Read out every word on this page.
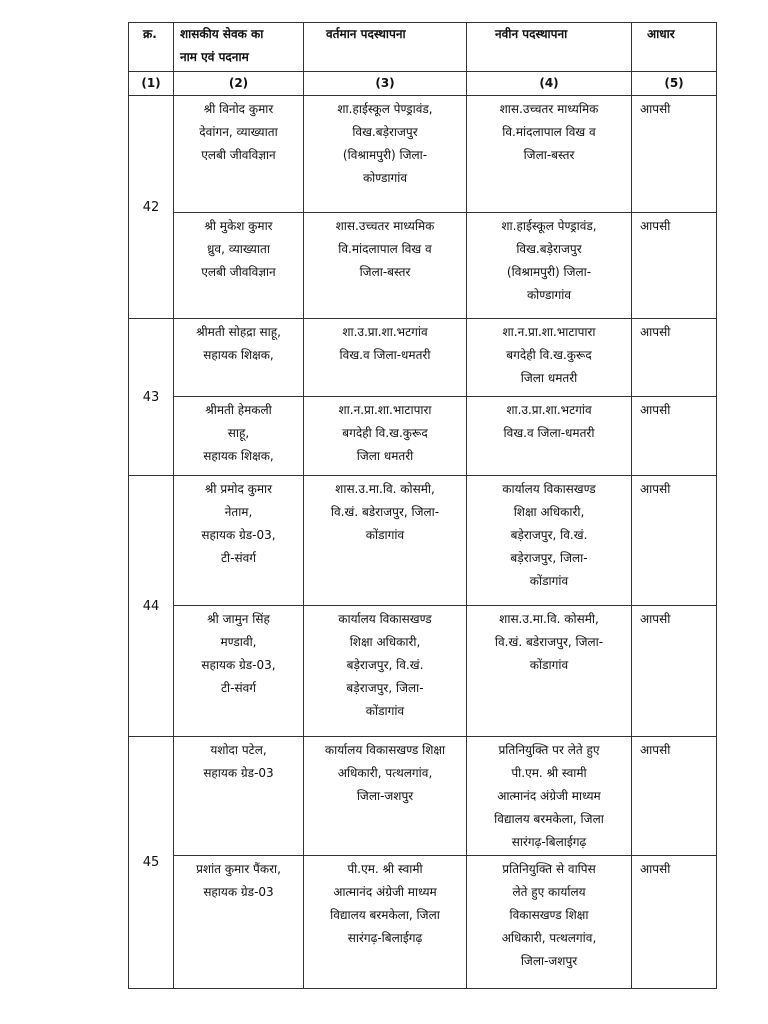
क्र.	शासकीय सेवक का
नाम एवं पदनाम	वर्तमान पदस्थापना	नवीन पदस्थापना	आधार
(1)	(2)	(3)	(4)	(5)
42	श्री विनोद कुमार
देवांगन, व्याख्याता
एलबी जीवविज्ञान	शा.हाईस्कूल पेण्ड्रावंड,
विख.बड़ेराजपुर
(विश्रामपुरी) जिला-
कोण्डागांव	शास.उच्चतर माध्यमिक
वि.मांदलापाल विख व
जिला-बस्तर	आपसी
	श्री मुकेश कुमार
ध्रुव, व्याख्याता
एलबी जीवविज्ञान	शास.उच्चतर माध्यमिक
वि.मांदलापाल विख व
जिला-बस्तर	शा.हाईस्कूल पेण्ड्रावंड,
विख.बड़ेराजपुर
(विश्रामपुरी) जिला-
कोण्डागांव	आपसी
43	श्रीमती सोहद्रा साहू,
सहायक शिक्षक,	शा.उ.प्रा.शा.भटगांव
विख.व जिला-धमतरी	शा.न.प्रा.शा.भाटापारा
बगदेही वि.ख.कुरूद
जिला धमतरी	आपसी
	श्रीमती हेमकली
साहू,
सहायक शिक्षक,	शा.न.प्रा.शा.भाटापारा
बगदेही वि.ख.कुरूद
जिला धमतरी	शा.उ.प्रा.शा.भटगांव
विख.व जिला-धमतरी	आपसी
44	श्री प्रमोद कुमार
नेताम,
सहायक ग्रेड-03,
टी-संवर्ग	शास.उ.मा.वि. कोसमी,
वि.खं. बडेराजपुर, जिला-
कोंडागांव	कार्यालय विकासखण्ड
शिक्षा अधिकारी,
बड़ेराजपुर, वि.खं.
बड़ेराजपुर, जिला-
कोंडागांव	आपसी
	श्री जामुन सिंह
मण्डावी,
सहायक ग्रेड-03,
टी-संवर्ग	कार्यालय विकासखण्ड
शिक्षा अधिकारी,
बड़ेराजपुर, वि.खं.
बड़ेराजपुर, जिला-
कोंडागांव	शास.उ.मा.वि. कोसमी,
वि.खं. बडेराजपुर, जिला-
कोंडागांव	आपसी
45	यशोदा पटेल,
सहायक ग्रेड-03	कार्यालय विकासखण्ड शिक्षा
अधिकारी, पत्थलगांव,
जिला-जशपुर	प्रतिनियुक्ति पर लेते हुए
पी.एम. श्री स्वामी
आत्मानंद अंग्रेजी माध्यम
विद्यालय बरमकेला, जिला
सारंगढ़-बिलाईगढ़	आपसी
	प्रशांत कुमार पैंकरा,
सहायक ग्रेड-03	पी.एम. श्री स्वामी
आत्मानंद अंग्रेजी माध्यम
विद्यालय बरमकेला, जिला
सारंगढ़-बिलाईगढ़	प्रतिनियुक्ति से वापिस
लेते हुए कार्यालय
विकासखण्ड शिक्षा
अधिकारी, पत्थलगांव,
जिला-जशपुर	आपसी
